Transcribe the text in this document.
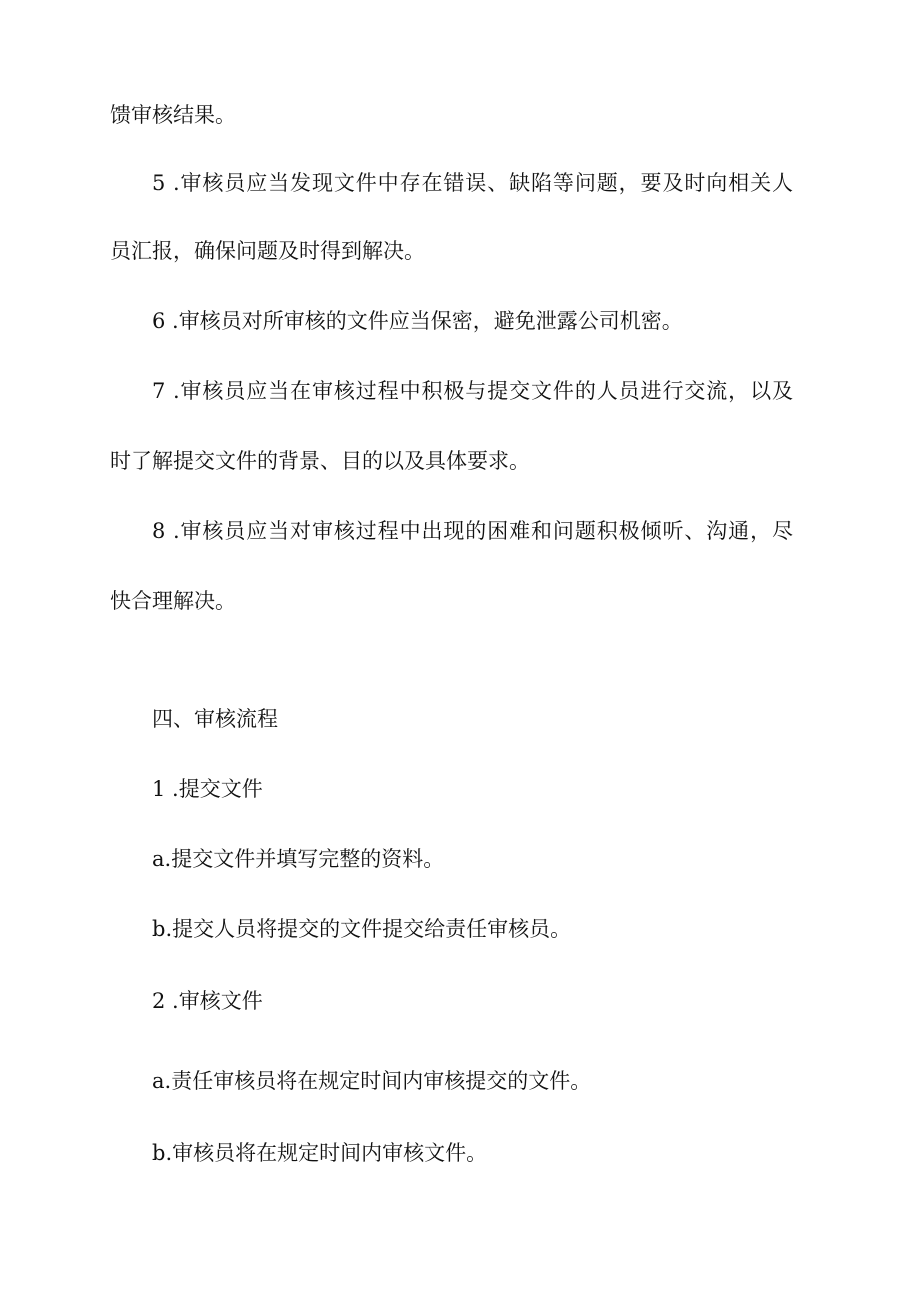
馈审核结果。
5 .审核员应当发现文件中存在错误、缺陷等问题，要及时向相关人
员汇报，确保问题及时得到解决。
6 .审核员对所审核的文件应当保密，避免泄露公司机密。
7 .审核员应当在审核过程中积极与提交文件的人员进行交流，以及
时了解提交文件的背景、目的以及具体要求。
8 .审核员应当对审核过程中出现的困难和问题积极倾听、沟通，尽
快合理解决。
四、审核流程
1 .提交文件
a.提交文件并填写完整的资料。
b.提交人员将提交的文件提交给责任审核员。
2 .审核文件
a.责任审核员将在规定时间内审核提交的文件。
b.审核员将在规定时间内审核文件。
